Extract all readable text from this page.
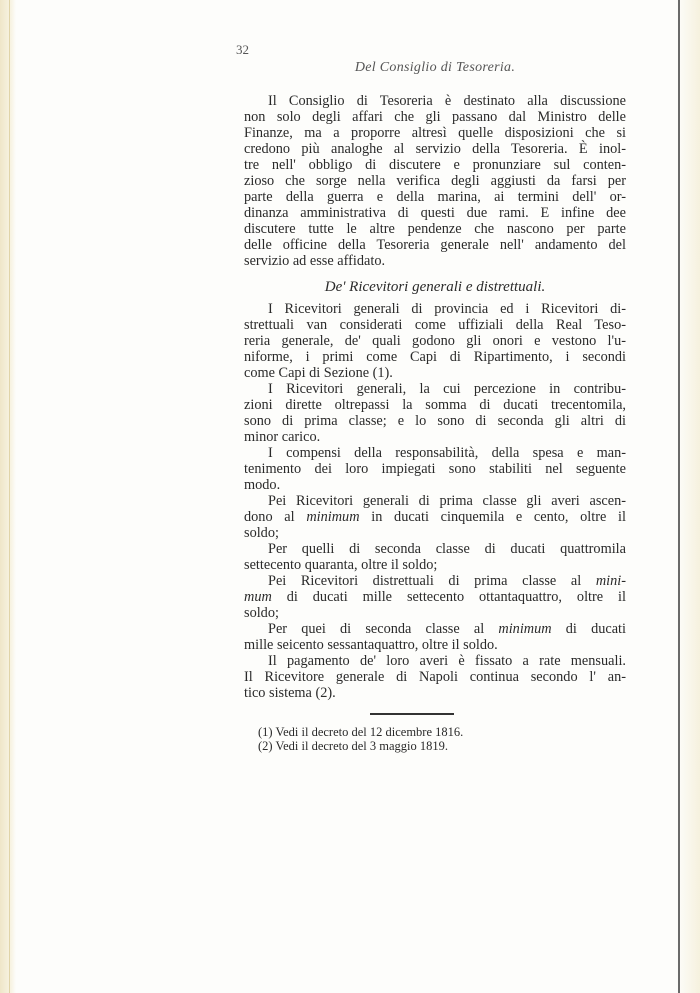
32
Del Consiglio di Tesoreria.
Il Consiglio di Tesoreria è destinato alla discussione
non solo degli affari che gli passano dal Ministro delle
Finanze, ma a proporre altresì quelle disposizioni che si
credono più analoghe al servizio della Tesoreria. È inol-
tre nell' obbligo di discutere e pronunziare sul conten-
zioso che sorge nella verifica degli aggiusti da farsi per
parte della guerra e della marina, ai termini dell' or-
dinanza amministrativa di questi due rami. E infine dee
discutere tutte le altre pendenze che nascono per parte
delle officine della Tesoreria generale nell' andamento del
servizio ad esse affidato.
De' Ricevitori generali e distrettuali.
I Ricevitori generali di provincia ed i Ricevitori di-
strettuali van considerati come uffiziali della Real Teso-
reria generale, de' quali godono gli onori e vestono l'u-
niforme, i primi come Capi di Ripartimento, i secondi
come Capi di Sezione (1).
I Ricevitori generali, la cui percezione in contribu-
zioni dirette oltrepassi la somma di ducati trecentomila,
sono di prima classe; e lo sono di seconda gli altri di
minor carico.
I compensi della responsabilità, della spesa e man-
tenimento dei loro impiegati sono stabiliti nel seguente
modo.
Pei Ricevitori generali di prima classe gli averi ascen-
dono al minimum in ducati cinquemila e cento, oltre il
soldo;
Per quelli di seconda classe di ducati quattromila
settecento quaranta, oltre il soldo;
Pei Ricevitori distrettuali di prima classe al mini-
mum di ducati mille settecento ottantaquattro, oltre il
soldo;
Per quei di seconda classe al minimum di ducati
mille seicento sessantaquattro, oltre il soldo.
Il pagamento de' loro averi è fissato a rate mensuali.
Il Ricevitore generale di Napoli continua secondo l' an-
tico sistema (2).
(1) Vedi il decreto del 12 dicembre 1816.
(2) Vedi il decreto del 3 maggio 1819.
